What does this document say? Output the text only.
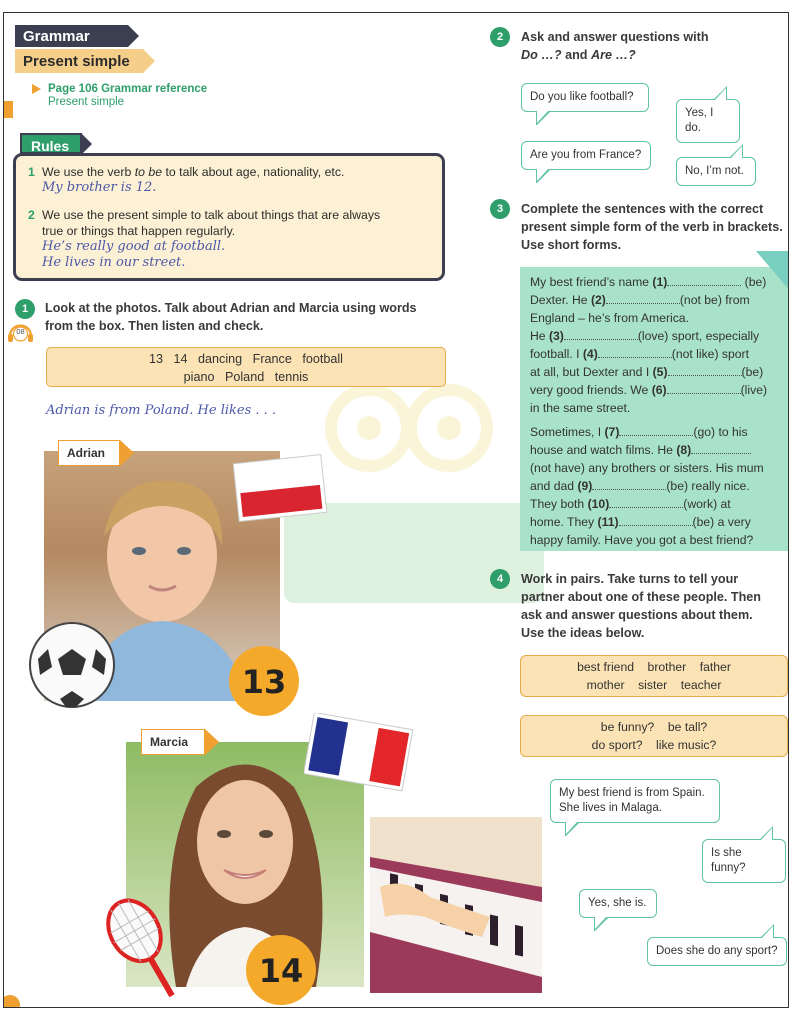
Grammar
Present simple
Page 106 Grammar reference
Present simple
1 We use the verb to be to talk about age, nationality, etc.
My brother is 12.
2 We use the present simple to talk about things that are always
true or things that happen regularly.
He’s really good at football.
He lives in our street.
Rules
1
08
Look at the photos. Talk about Adrian and Marcia using words
from the box. Then listen and check.
13   14   dancing   France   football
piano   Poland   tennis
Adrian is from Poland. He likes . . .
Adrian
13
Marcia
14
2	Ask and answer questions with
Do …? and Are …?
Do you like football?
Yes, I do.
Are you from France?
No, I’m not.
3	Complete the sentences with the correct
present simple form of the verb in brackets.
Use short forms.

My best friend’s name (1)	(be)
Dexter. He (2)	(not be) from
England – he’s from America.
He (3)	(love) sport, especially
football. I (4)	(not like) sport
at all, but Dexter and I (5)	(be)
very good friends. We (6)	(live)
in the same street.

Sometimes, I (7)	(go) to his
house and watch films. He (8)
(not have) any brothers or sisters. His mum
and dad (9)	(be) really nice.
They both (10)	(work) at
home. They (11)	(be) a very
happy family. Have you got a best friend?

4	Work in pairs. Take turns to tell your
partner about one of these people. Then
ask and answer questions about them.
Use the ideas below.
best friend    brother    father
mother    sister    teacher
be funny?    be tall?
do sport?    like music?
My best friend is from Spain.
She lives in Malaga.
Is she funny?
Yes, she is.
Does she do any sport?
